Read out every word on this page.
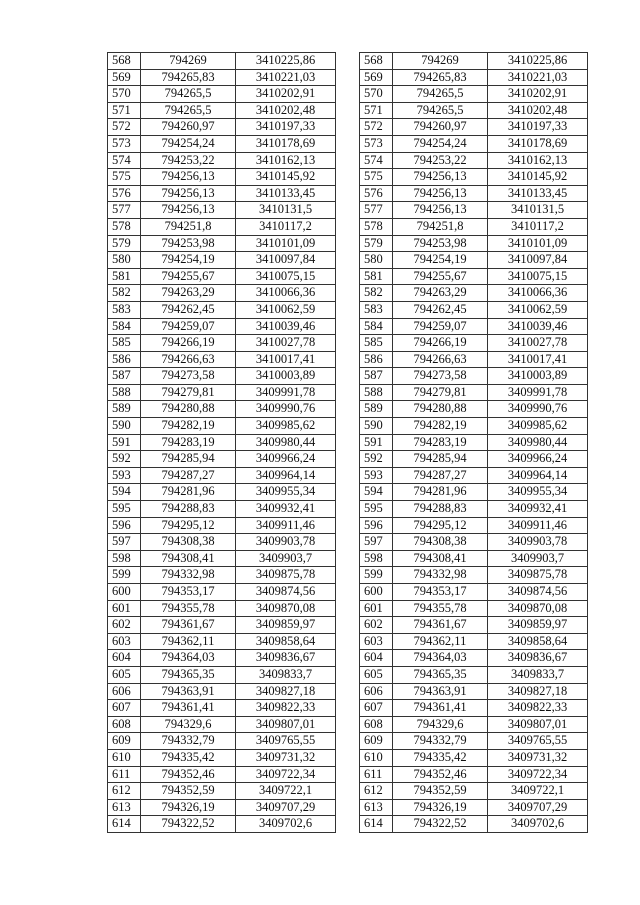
568	794269	3410225,86
569	794265,83	3410221,03
570	794265,5	3410202,91
571	794265,5	3410202,48
572	794260,97	3410197,33
573	794254,24	3410178,69
574	794253,22	3410162,13
575	794256,13	3410145,92
576	794256,13	3410133,45
577	794256,13	3410131,5
578	794251,8	3410117,2
579	794253,98	3410101,09
580	794254,19	3410097,84
581	794255,67	3410075,15
582	794263,29	3410066,36
583	794262,45	3410062,59
584	794259,07	3410039,46
585	794266,19	3410027,78
586	794266,63	3410017,41
587	794273,58	3410003,89
588	794279,81	3409991,78
589	794280,88	3409990,76
590	794282,19	3409985,62
591	794283,19	3409980,44
592	794285,94	3409966,24
593	794287,27	3409964,14
594	794281,96	3409955,34
595	794288,83	3409932,41
596	794295,12	3409911,46
597	794308,38	3409903,78
598	794308,41	3409903,7
599	794332,98	3409875,78
600	794353,17	3409874,56
601	794355,78	3409870,08
602	794361,67	3409859,97
603	794362,11	3409858,64
604	794364,03	3409836,67
605	794365,35	3409833,7
606	794363,91	3409827,18
607	794361,41	3409822,33
608	794329,6	3409807,01
609	794332,79	3409765,55
610	794335,42	3409731,32
611	794352,46	3409722,34
612	794352,59	3409722,1
613	794326,19	3409707,29
614	794322,52	3409702,6
568	794269	3410225,86
569	794265,83	3410221,03
570	794265,5	3410202,91
571	794265,5	3410202,48
572	794260,97	3410197,33
573	794254,24	3410178,69
574	794253,22	3410162,13
575	794256,13	3410145,92
576	794256,13	3410133,45
577	794256,13	3410131,5
578	794251,8	3410117,2
579	794253,98	3410101,09
580	794254,19	3410097,84
581	794255,67	3410075,15
582	794263,29	3410066,36
583	794262,45	3410062,59
584	794259,07	3410039,46
585	794266,19	3410027,78
586	794266,63	3410017,41
587	794273,58	3410003,89
588	794279,81	3409991,78
589	794280,88	3409990,76
590	794282,19	3409985,62
591	794283,19	3409980,44
592	794285,94	3409966,24
593	794287,27	3409964,14
594	794281,96	3409955,34
595	794288,83	3409932,41
596	794295,12	3409911,46
597	794308,38	3409903,78
598	794308,41	3409903,7
599	794332,98	3409875,78
600	794353,17	3409874,56
601	794355,78	3409870,08
602	794361,67	3409859,97
603	794362,11	3409858,64
604	794364,03	3409836,67
605	794365,35	3409833,7
606	794363,91	3409827,18
607	794361,41	3409822,33
608	794329,6	3409807,01
609	794332,79	3409765,55
610	794335,42	3409731,32
611	794352,46	3409722,34
612	794352,59	3409722,1
613	794326,19	3409707,29
614	794322,52	3409702,6
